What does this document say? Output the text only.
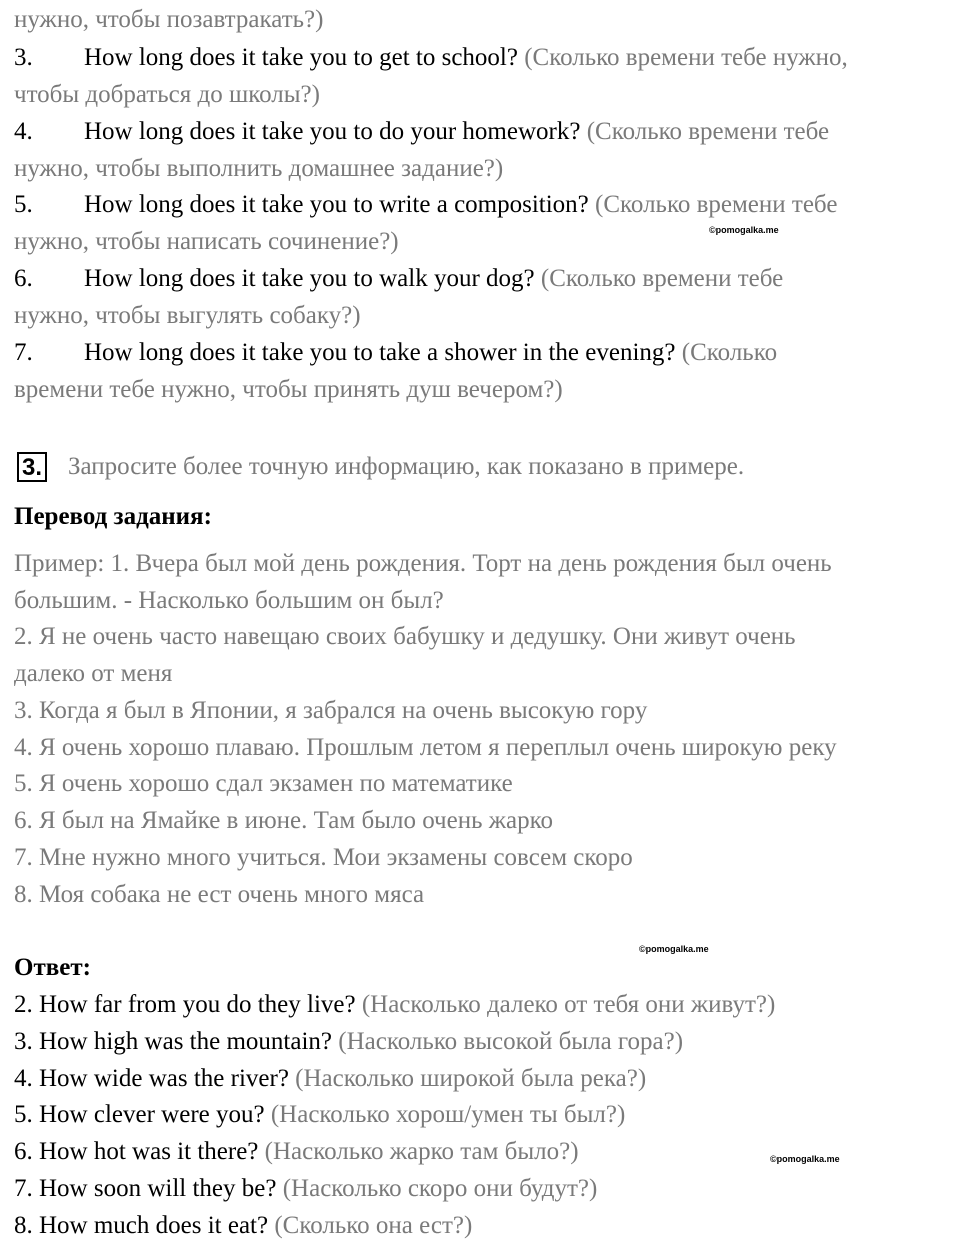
нужно, чтобы позавтракать?)
3. How long does it take you to get to school? (Сколько времени тебе нужно,
чтобы добраться до школы?)
4. How long does it take you to do your homework? (Сколько времени тебе
нужно, чтобы выполнить домашнее задание?)
5. How long does it take you to write a composition? (Сколько времени тебе
нужно, чтобы написать сочинение?)
6. How long does it take you to walk your dog? (Сколько времени тебе
нужно, чтобы выгулять собаку?)
7. How long does it take you to take a shower in the evening? (Сколько
времени тебе нужно, чтобы принять душ вечером?)
3. Запросите более точную информацию, как показано в примере.
Перевод задания:
Пример: 1. Вчера был мой день рождения. Торт на день рождения был очень
большим. - Насколько большим он был?
2. Я не очень часто навещаю своих бабушку и дедушку. Они живут очень
далеко от меня
3. Когда я был в Японии, я забрался на очень высокую гору
4. Я очень хорошо плаваю. Прошлым летом я переплыл очень широкую реку
5. Я очень хорошо сдал экзамен по математике
6. Я был на Ямайке в июне. Там было очень жарко
7. Мне нужно много учиться. Мои экзамены совсем скоро
8. Моя собака не ест очень много мяса
Ответ:
2. How far from you do they live? (Насколько далеко от тебя они живут?)
3. How high was the mountain? (Насколько высокой была гора?)
4. How wide was the river? (Насколько широкой была река?)
5. How clever were you? (Насколько хорош/умен ты был?)
6. How hot was it there? (Насколько жарко там было?)
7. How soon will they be? (Насколько скоро они будут?)
8. How much does it eat? (Сколько она ест?)
©pomogalka.me
©pomogalka.me
©pomogalka.me
